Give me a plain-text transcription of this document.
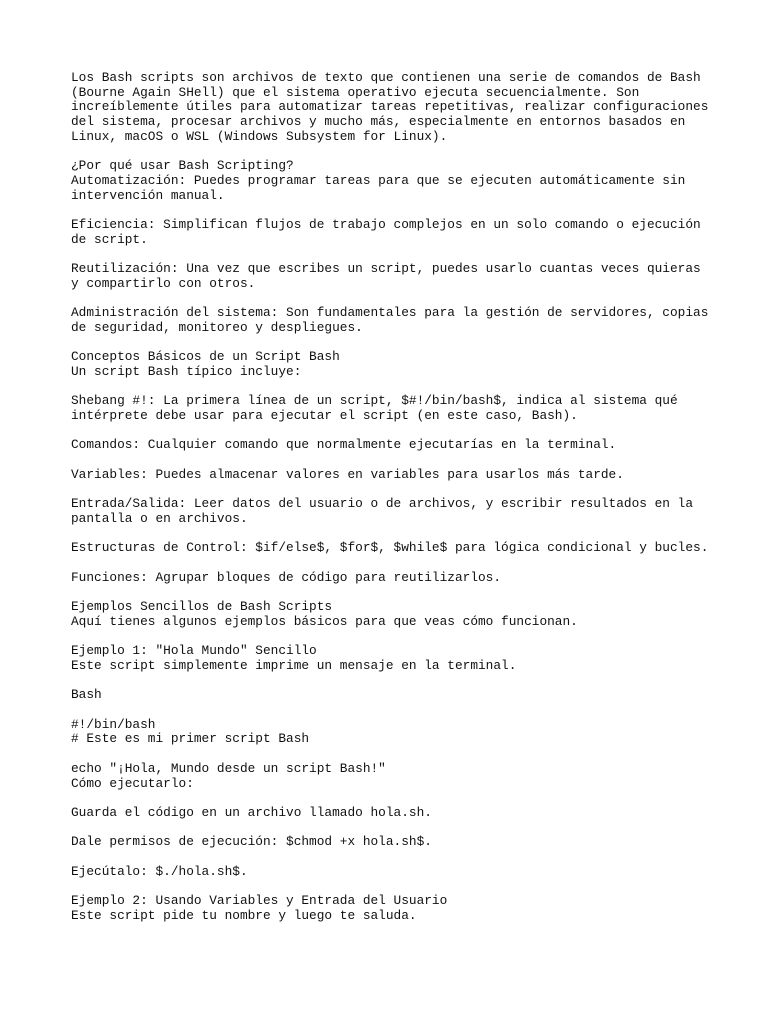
Los Bash scripts son archivos de texto que contienen una serie de comandos de Bash
(Bourne Again SHell) que el sistema operativo ejecuta secuencialmente. Son
increíblemente útiles para automatizar tareas repetitivas, realizar configuraciones
del sistema, procesar archivos y mucho más, especialmente en entornos basados en
Linux, macOS o WSL (Windows Subsystem for Linux).

¿Por qué usar Bash Scripting?
Automatización: Puedes programar tareas para que se ejecuten automáticamente sin
intervención manual.

Eficiencia: Simplifican flujos de trabajo complejos en un solo comando o ejecución
de script.

Reutilización: Una vez que escribes un script, puedes usarlo cuantas veces quieras
y compartirlo con otros.

Administración del sistema: Son fundamentales para la gestión de servidores, copias
de seguridad, monitoreo y despliegues.

Conceptos Básicos de un Script Bash
Un script Bash típico incluye:

Shebang #!: La primera línea de un script, $#!/bin/bash$, indica al sistema qué
intérprete debe usar para ejecutar el script (en este caso, Bash).

Comandos: Cualquier comando que normalmente ejecutarías en la terminal.

Variables: Puedes almacenar valores en variables para usarlos más tarde.

Entrada/Salida: Leer datos del usuario o de archivos, y escribir resultados en la
pantalla o en archivos.

Estructuras de Control: $if/else$, $for$, $while$ para lógica condicional y bucles.

Funciones: Agrupar bloques de código para reutilizarlos.

Ejemplos Sencillos de Bash Scripts
Aquí tienes algunos ejemplos básicos para que veas cómo funcionan.

Ejemplo 1: "Hola Mundo" Sencillo
Este script simplemente imprime un mensaje en la terminal.

Bash

#!/bin/bash
# Este es mi primer script Bash

echo "¡Hola, Mundo desde un script Bash!"
Cómo ejecutarlo:

Guarda el código en un archivo llamado hola.sh.

Dale permisos de ejecución: $chmod +x hola.sh$.

Ejecútalo: $./hola.sh$.

Ejemplo 2: Usando Variables y Entrada del Usuario
Este script pide tu nombre y luego te saluda.
